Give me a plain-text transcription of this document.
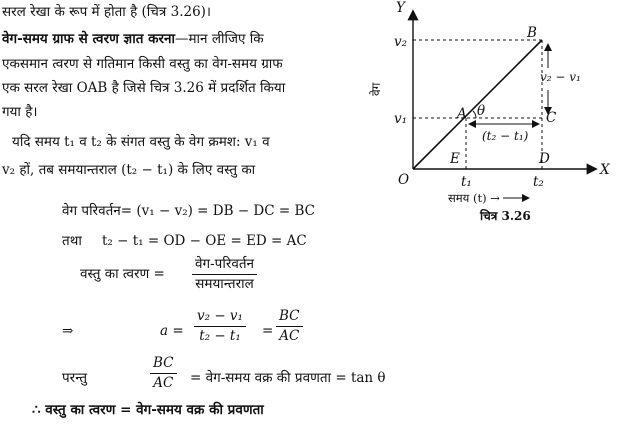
सरल रेखा के रूप में होता है (चित्र 3.26)।
वेग-समय ग्राफ से त्वरण ज्ञात करना—मान लीजिए कि
एकसमान त्वरण से गतिमान किसी वस्तु का वेग-समय ग्राफ
एक सरल रेखा OAB है जिसे चित्र 3.26 में प्रदर्शित किया
गया है।
यदि समय t₁ व t₂ के संगत वस्तु के वेग क्रमश: v₁ व
v₂ हों, तब समयान्तराल (t₂ − t₁) के लिए वस्तु का
वेग परिवर्तन= (v₁ − v₂) = DB − DC = BC
तथा t₂ − t₁ = OD − OE = ED = AC
वस्तु का त्वरण =
वेग-परिवर्तन
समयान्तराल
⇒	$a = \frac{\text{v₂ − v₁}}{\text{t₂ − t₁}} = \frac{BC}{AC}$
परन्तु	$\frac{BC}{AC}$ = वेग-समय वक्र की प्रवणता = tan θ
∴ वस्तु का त्वरण = वेग-समय वक्र की प्रवणता
Y
X
O
वेग
v₂
v₁
t₁	t₂
B
A θ	C
D
E
(t₂ − t₁)
v₂ − v₁
समय (t) →
चित्र 3.26
